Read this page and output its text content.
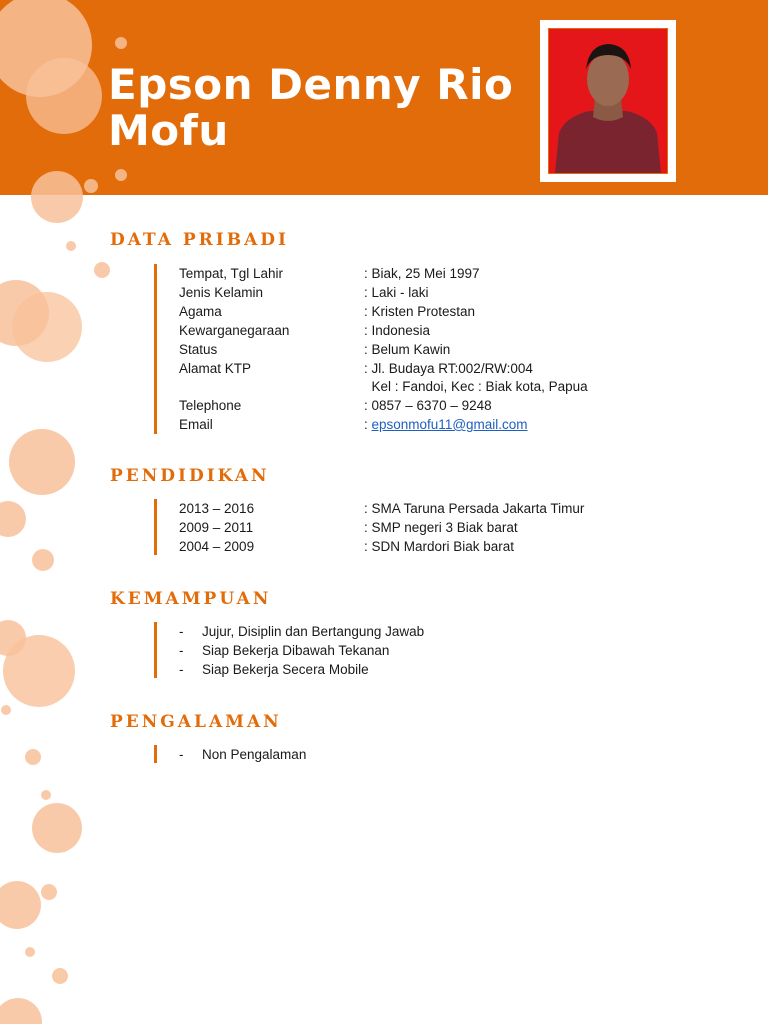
Epson Denny Rio Mofu
DATA PRIBADI
Tempat, Tgl Lahir	: Biak, 25 Mei 1997
Jenis Kelamin	: Laki - laki
Agama	: Kristen Protestan
Kewarganegaraan	: Indonesia
Status	: Belum Kawin
Alamat KTP	: Jl. Budaya RT:002/RW:004
Kel : Fandoi, Kec : Biak kota, Papua
Telephone	: 0857 – 6370 – 9248
Email	: epsonmofu11@gmail.com
PENDIDIKAN
2013 – 2016	: SMA Taruna Persada Jakarta Timur
2009 – 2011	: SMP negeri 3 Biak barat
2004 – 2009	: SDN Mardori Biak barat
KEMAMPUAN
- Jujur, Disiplin dan Bertangung Jawab
- Siap Bekerja Dibawah Tekanan
- Siap Bekerja Secera Mobile
PENGALAMAN
- Non Pengalaman
